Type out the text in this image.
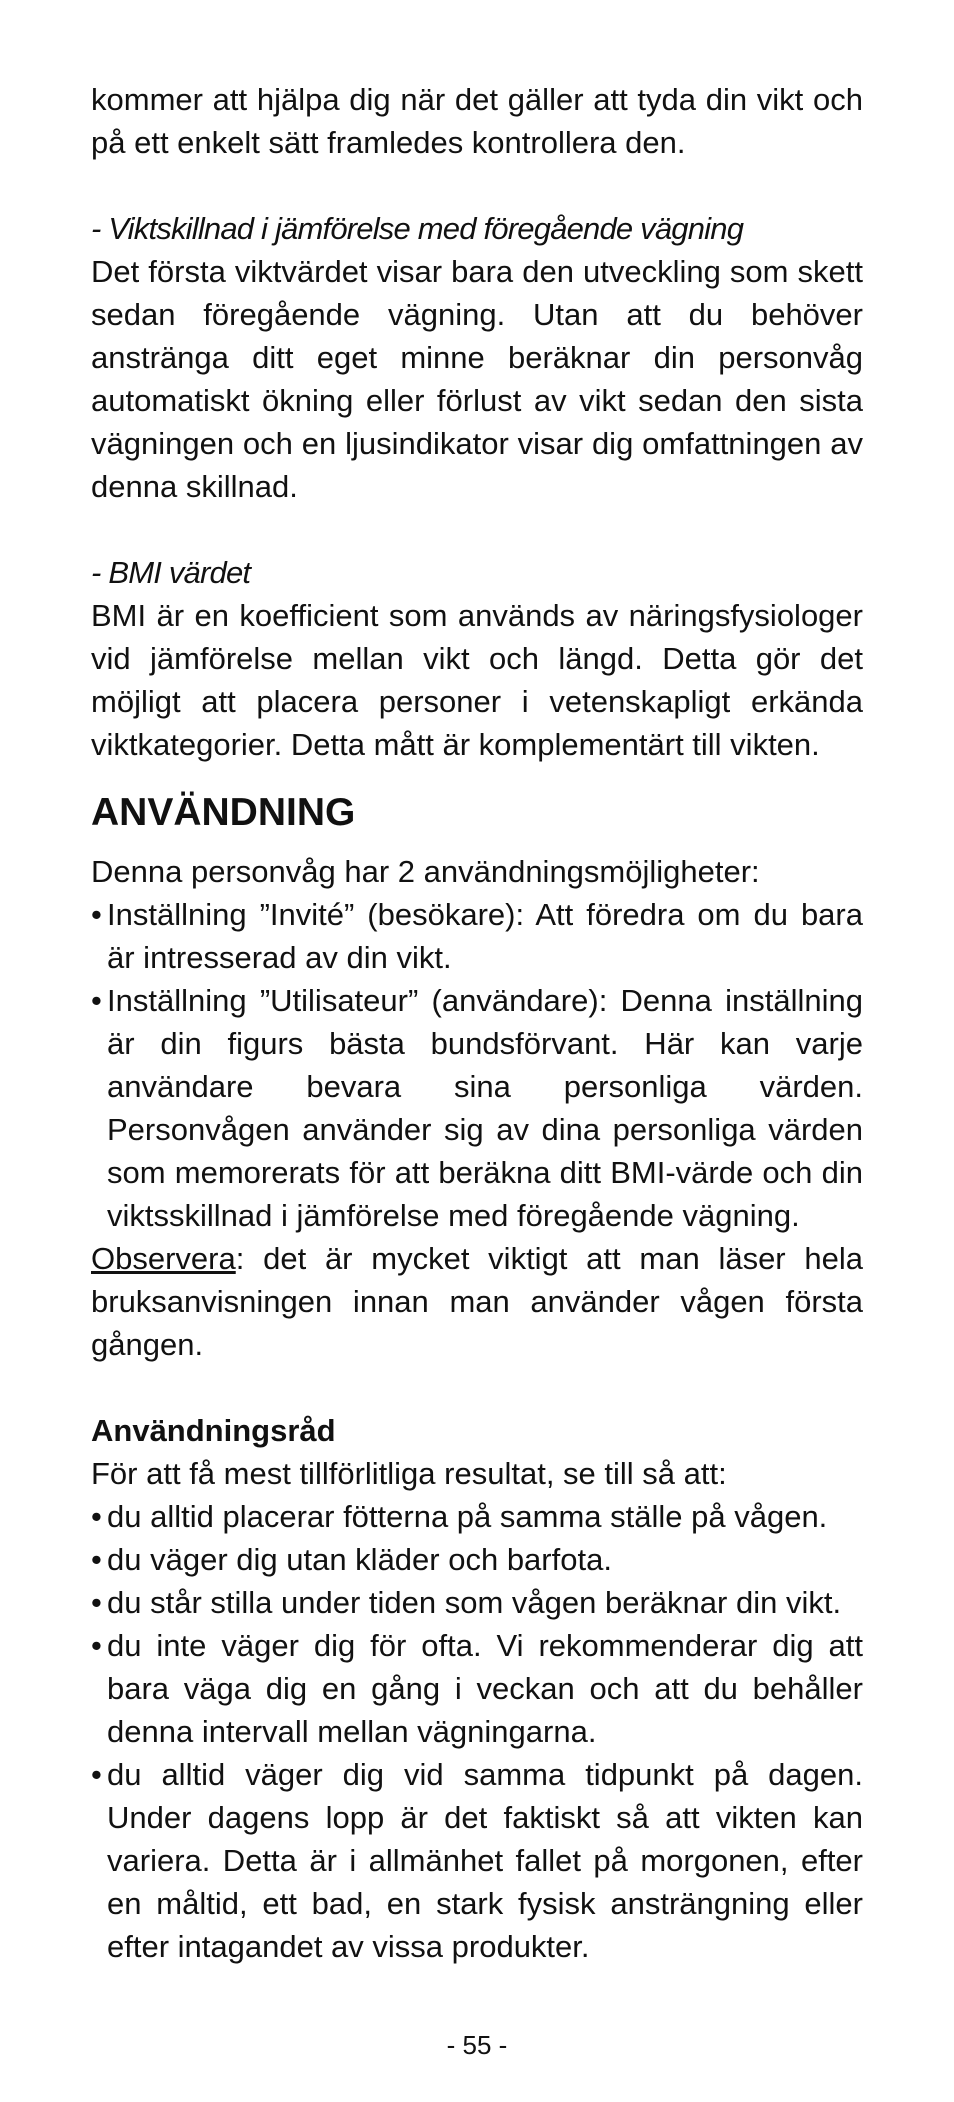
kommer att hjälpa dig när det gäller att tyda din vikt och på ett enkelt sätt framledes kontrollera den.

- Viktskillnad i jämförelse med föregående vägning

Det första viktvärdet visar bara den utveckling som skett sedan föregående vägning. Utan att du behöver anstränga ditt eget minne beräknar din personvåg automatiskt ökning eller förlust av vikt sedan den sista vägningen och en ljusindikator visar dig omfattningen av denna skillnad.

- BMI värdet

BMI är en koefficient som används av näringsfysiologer vid jämförelse mellan vikt och längd. Detta gör det möjligt att placera personer i vetenskapligt erkända viktkategorier. Detta mått är komplementärt till vikten.

ANVÄNDNING

Denna personvåg har 2 användningsmöjligheter:

• Inställning ”Invité” (besökare): Att föredra om du bara är intresserad av din vikt.
• Inställning ”Utilisateur” (användare): Denna inställning är din figurs bästa bundsförvant. Här kan varje användare bevara sina personliga värden. Personvågen använder sig av dina personliga värden som memorerats för att beräkna ditt BMI-värde och din viktsskillnad i jämförelse med föregående vägning.

Observera: det är mycket viktigt att man läser hela bruksanvisningen innan man använder vågen första gången.

Användningsråd

För att få mest tillförlitliga resultat, se till så att:

• du alltid placerar fötterna på samma ställe på vågen.
• du väger dig utan kläder och barfota.
• du står stilla under tiden som vågen beräknar din vikt.
• du inte väger dig för ofta. Vi rekommenderar dig att bara väga dig en gång i veckan och att du behåller denna intervall mellan vägningarna.
• du alltid väger dig vid samma tidpunkt på dagen. Under dagens lopp är det faktiskt så att vikten kan variera. Detta är i allmänhet fallet på morgonen, efter en måltid, ett bad, en stark fysisk ansträngning eller efter intagandet av vissa produkter.
- 55 -
